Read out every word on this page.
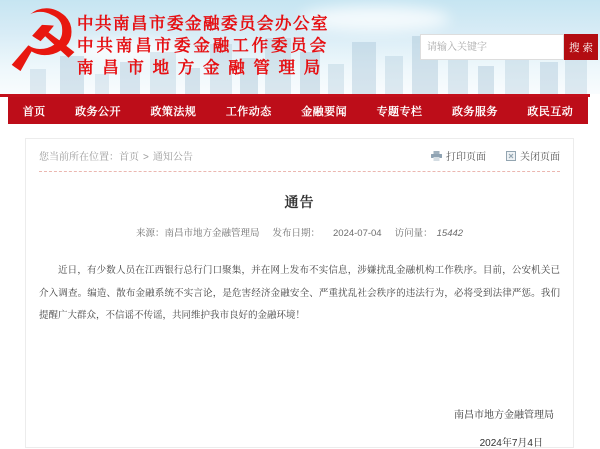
☭
中共南昌市委金融委员会办公室
中共南昌市委金融工作委员会
南昌市地方金融管理局
请输入关键字
搜 索
首页	政务公开	政策法规	工作动态	金融要闻	专题专栏	政务服务	政民互动
您当前所在位置：首页 > 通知公告	打印页面	关闭页面
通告
来源：南昌市地方金融管理局 发布日期： 2024-07-04 访问量： 15442
近日，有少数人员在江西银行总行门口聚集，并在网上发布不实信息，涉嫌扰乱金融机构工作秩序。目前，公安机关已介入调查。编造、散布金融系统不实言论，是危害经济金融安全、严重扰乱社会秩序的违法行为，必将受到法律严惩。我们提醒广大群众，不信谣不传谣，共同维护我市良好的金融环境！
南昌市地方金融管理局
2024年7月4日
